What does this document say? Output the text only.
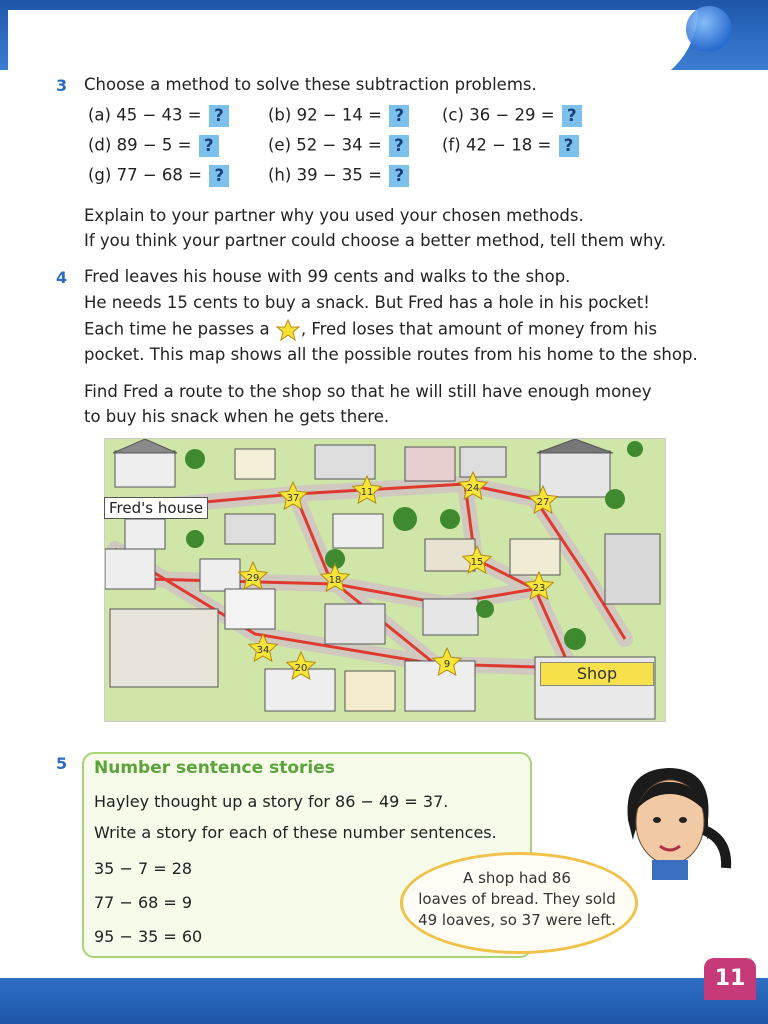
11
3 Choose a method to solve these subtraction problems.
(a) 45 − 43 = ?	(b) 92 − 14 = ?	(c) 36 − 29 = ?
(d) 89 − 5 = ?	(e) 52 − 34 = ?	(f) 42 − 18 = ?
(g) 77 − 68 = ?	(h) 39 − 35 = ?
Explain to your partner why you used your chosen methods.
If you think your partner could choose a better method, tell them why.
4 Fred leaves his house with 99 cents and walks to the shop.
He needs 15 cents to buy a snack. But Fred has a hole in his pocket!
Each time he passes a , Fred loses that amount of money from his
pocket. This map shows all the possible routes from his home to the shop.
Find Fred a route to the shop so that he will still have enough money
to buy his snack when he gets there.
37
11	24
27
18
15
23
29
34
20	9
Fred's house
Shop
5 Number sentence stories
Hayley thought up a story for 86 − 49 = 37.
Write a story for each of these number sentences.
35 − 7 = 28
77 − 68 = 9
95 − 35 = 60
A shop had 86
loaves of bread. They sold
49 loaves, so 37 were left.
